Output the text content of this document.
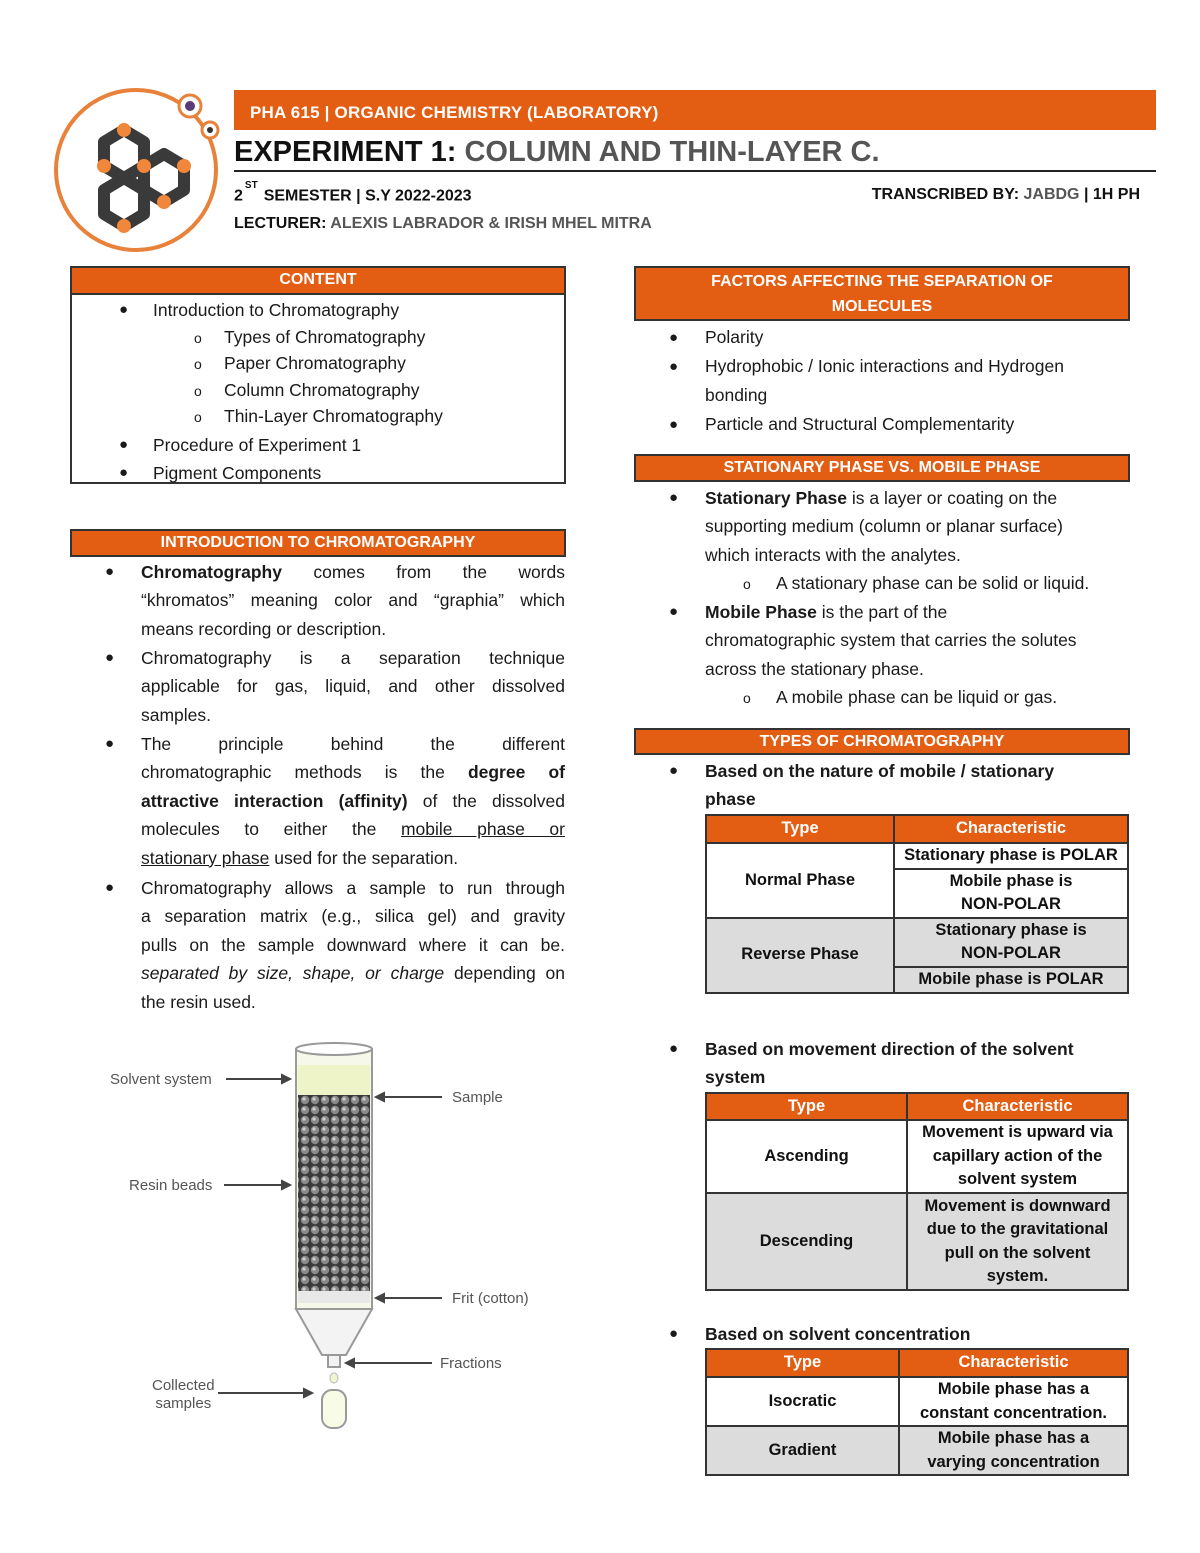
PHA 615 | ORGANIC CHEMISTRY (LABORATORY)
EXPERIMENT 1: COLUMN AND THIN-LAYER C.
2STSEMESTER | S.Y 2022-2023	TRANSCRIBED BY: JABDG | 1H PH
LECTURER: ALEXIS LABRADOR & IRISH MHEL MITRA
CONTENT
● Introduction to Chromatography
o Types of Chromatography
o Paper Chromatography
o Column Chromatography
o Thin-Layer Chromatography
● Procedure of Experiment 1
● Pigment Components
INTRODUCTION TO CHROMATOGRAPHY
● Chromatography comes from the words
“khromatos” meaning color and “graphia” which
means recording or description.
● Chromatography is a separation technique
applicable for gas, liquid, and other dissolved
samples.
● The principle behind the different
chromatographic methods is the degree of
attractive interaction (affinity) of the dissolved
molecules to either the mobile phase or
stationary phase used for the separation.
● Chromatography allows a sample to run through
a separation matrix (e.g., silica gel) and gravity
pulls on the sample downward where it can be.
separated by size, shape, or charge depending on
the resin used.
Solvent system
Sample
Resin beads
Frit (cotton)
Fractions
Collected
samples
FACTORS AFFECTING THE SEPARATION OF
MOLECULES
● Polarity
● Hydrophobic / Ionic interactions and Hydrogen
bonding
● Particle and Structural Complementarity
STATIONARY PHASE VS. MOBILE PHASE
● Stationary Phase is a layer or coating on the
supporting medium (column or planar surface)
which interacts with the analytes.
o A stationary phase can be solid or liquid.
● Mobile Phase is the part of the
chromatographic system that carries the solutes
across the stationary phase.
o A mobile phase can be liquid or gas.
TYPES OF CHROMATOGRAPHY
● Based on the nature of mobile / stationary
phase
Type	Characteristic
Normal Phase	Stationary phase is POLAR
	Mobile phase is
NON-POLAR
Reverse Phase	Stationary phase is
NON-POLAR
	Mobile phase is POLAR
● Based on movement direction of the solvent
system
Type	Characteristic
Ascending	Movement is upward via
capillary action of the
solvent system
Descending	Movement is downward
due to the gravitational
pull on the solvent
system.
● Based on solvent concentration
Type	Characteristic
Isocratic	Mobile phase has a
constant concentration.
Gradient	Mobile phase has a
varying concentration
